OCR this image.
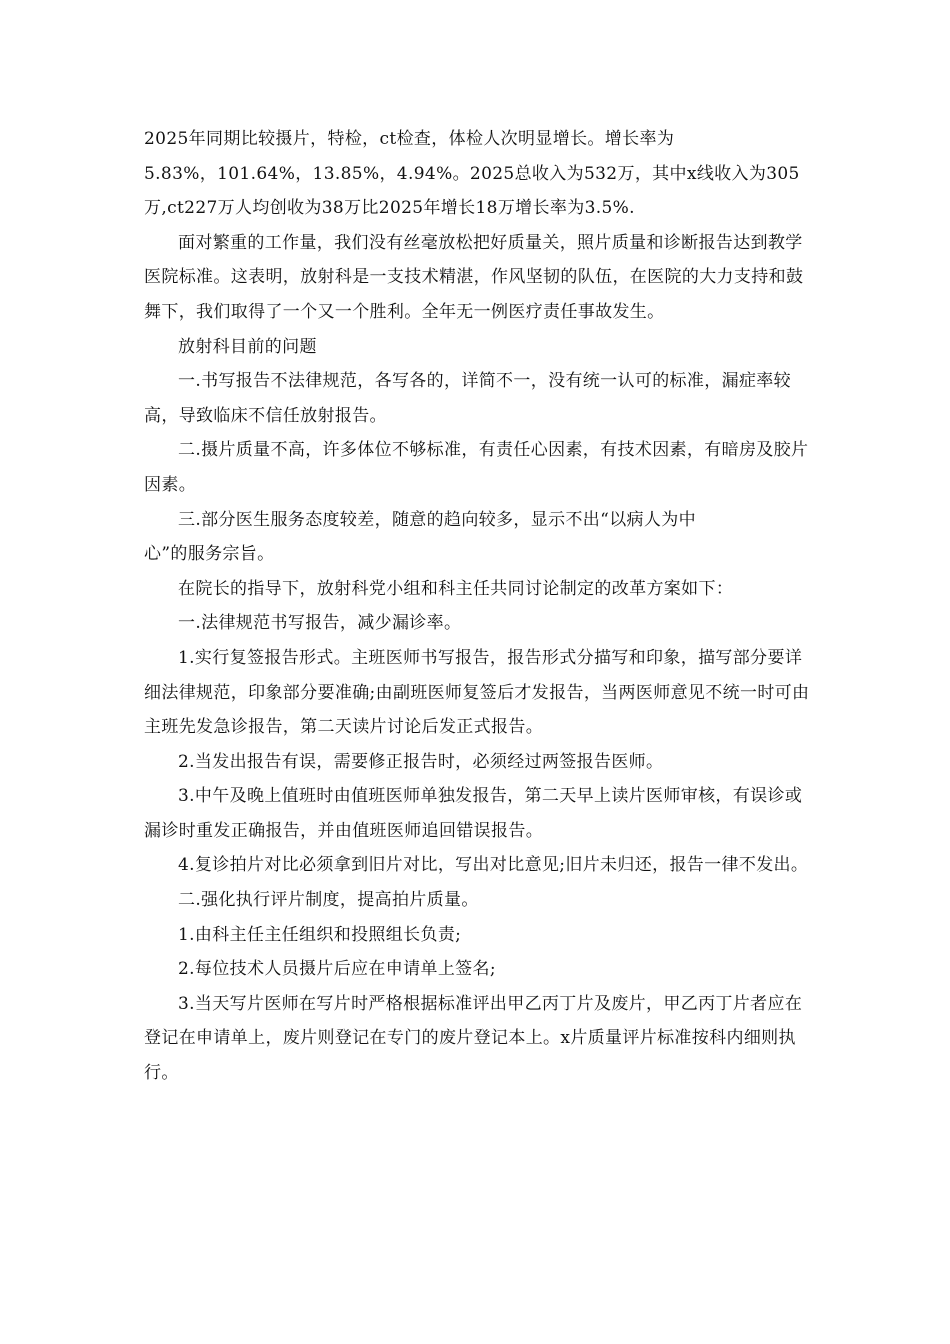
2025年同期比较摄片，特检，ct检查，体检人次明显增长。增长率为
5.83%，101.64%，13.85%，4.94%。2025总收入为532万，其中x线收入为305
万,ct227万人均创收为38万比2025年增长18万增长率为3.5%.

面对繁重的工作量，我们没有丝毫放松把好质量关，照片质量和诊断报告达到教学医院标准。这表明，放射科是一支技术精湛，作风坚韧的队伍，在医院的大力支持和鼓舞下，我们取得了一个又一个胜利。全年无一例医疗责任事故发生。

放射科目前的问题

一.书写报告不法律规范，各写各的，详简不一，没有统一认可的标准，漏症率较高，导致临床不信任放射报告。

二.摄片质量不高，许多体位不够标准，有责任心因素，有技术因素，有暗房及胶片因素。

三.部分医生服务态度较差，随意的趋向较多，显示不出“以病人为中
心”的服务宗旨。

在院长的指导下，放射科党小组和科主任共同讨论制定的改革方案如下：

一.法律规范书写报告，减少漏诊率。

1.实行复签报告形式。主班医师书写报告，报告形式分描写和印象，描写部分要详细法律规范，印象部分要准确;由副班医师复签后才发报告，当两医师意见不统一时可由主班先发急诊报告，第二天读片讨论后发正式报告。

2.当发出报告有误，需要修正报告时，必须经过两签报告医师。

3.中午及晚上值班时由值班医师单独发报告，第二天早上读片医师审核，有误诊或漏诊时重发正确报告，并由值班医师追回错误报告。

4.复诊拍片对比必须拿到旧片对比，写出对比意见;旧片未归还，报告一律不发出。

二.强化执行评片制度，提高拍片质量。

1.由科主任主任组织和投照组长负责;

2.每位技术人员摄片后应在申请单上签名;

3.当天写片医师在写片时严格根据标准评出甲乙丙丁片及废片，甲乙丙丁片者应在登记在申请单上，废片则登记在专门的废片登记本上。x片质量评片标准按科内细则执行。
